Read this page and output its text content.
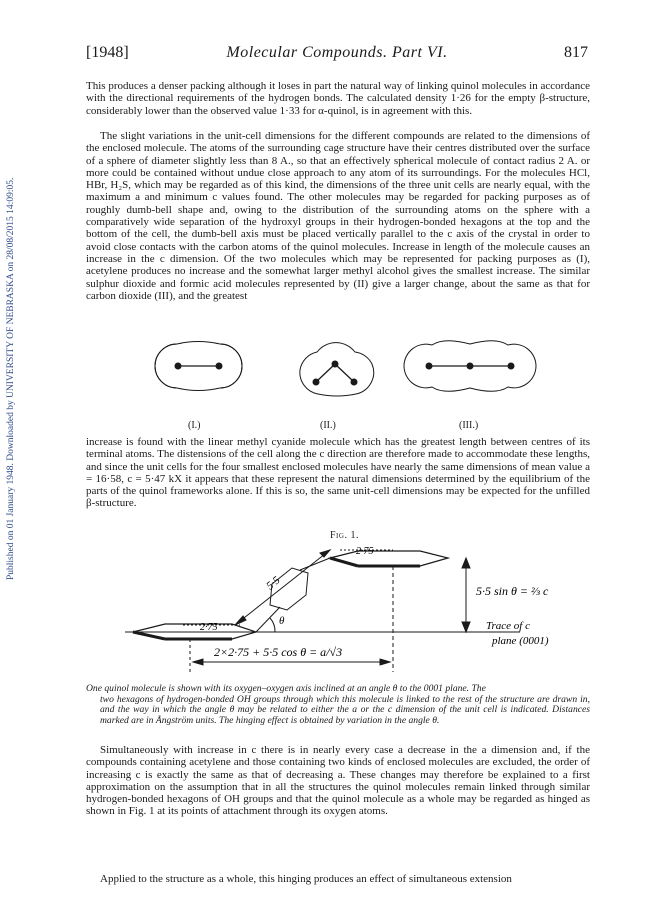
Published on 01 January 1948. Downloaded by UNIVERSITY OF NEBRASKA on 28/08/2015 14:09:05.
[1948]	Molecular Compounds. Part VI.	817

This produces a denser packing although it loses in part the natural way of linking quinol molecules in accordance with the directional requirements of the hydrogen bonds. The calculated density 1·26 for the empty β-structure, considerably lower than the observed value 1·33 for α-quinol, is in agreement with this.

The slight variations in the unit-cell dimensions for the different compounds are related to the dimensions of the enclosed molecule. The atoms of the surrounding cage structure have their centres distributed over the surface of a sphere of diameter slightly less than 8 A., so that an effectively spherical molecule of contact radius 2 A. or more could be contained without undue close approach to any atom of its surroundings. For the molecules HCl, HBr, H₂S, which may be regarded as of this kind, the dimensions of the three unit cells are nearly equal, with the maximum a and minimum c values found. The other molecules may be regarded for packing purposes as of roughly dumb-bell shape and, owing to the distribution of the surrounding atoms on the sphere with a comparatively wide separation of the hydroxyl groups in their hydrogen-bonded hexagons at the top and the bottom of the cell, the dumb-bell axis must be placed vertically parallel to the c axis of the crystal in order to avoid close contacts with the carbon atoms of the quinol molecules. Increase in length of the molecule causes an increase in the c dimension. Of the two molecules which may be represented for packing purposes as (I), acetylene produces no increase and the somewhat larger methyl alcohol gives the smallest increase. The similar sulphur dioxide and formic acid molecules represented by (II) give a larger change, about the same as that for carbon dioxide (III), and the greatest

(I.)	(II.)	(III.)

increase is found with the linear methyl cyanide molecule which has the greatest length between centres of its terminal atoms. The distensions of the cell along the c direction are therefore made to accommodate these lengths, and since the unit cells for the four smallest enclosed molecules have nearly the same dimensions of mean value a = 16·58, c = 5·47 kX it appears that these represent the natural dimensions determined by the equilibrium of the parts of the quinol frameworks alone. If this is so, the same unit-cell dimensions may be expected for the unfilled β-structure.

Fig. 1.
2·75
2·75
5·5
θ
5·5 sin θ = ⅔ c
Trace of c
plane (0001)
2×2·75 + 5·5 cos θ = a/√3

One quinol molecule is shown with its oxygen–oxygen axis inclined at an angle θ to the 0001 plane. The
two hexagons of hydrogen-bonded OH groups through which this molecule is linked to the rest of the structure are drawn in, and the way in which the angle θ may be related to either the a or the c dimension of the unit cell is indicated. Distances marked are in Ångström units. The hinging effect is obtained by variation in the angle θ.

Simultaneously with increase in c there is in nearly every case a decrease in the a dimension and, if the compounds containing acetylene and those containing two kinds of enclosed molecules are excluded, the order of increasing c is exactly the same as that of decreasing a. These changes may therefore be explained to a first approximation on the assumption that in all the structures the quinol molecules remain linked through similar hydrogen-bonded hexagons of OH groups and that the quinol molecule as a whole may be regarded as hinged as shown in Fig. 1 at its points of attachment through its oxygen atoms.

Applied to the structure as a whole, this hinging produces an effect of simultaneous extension
